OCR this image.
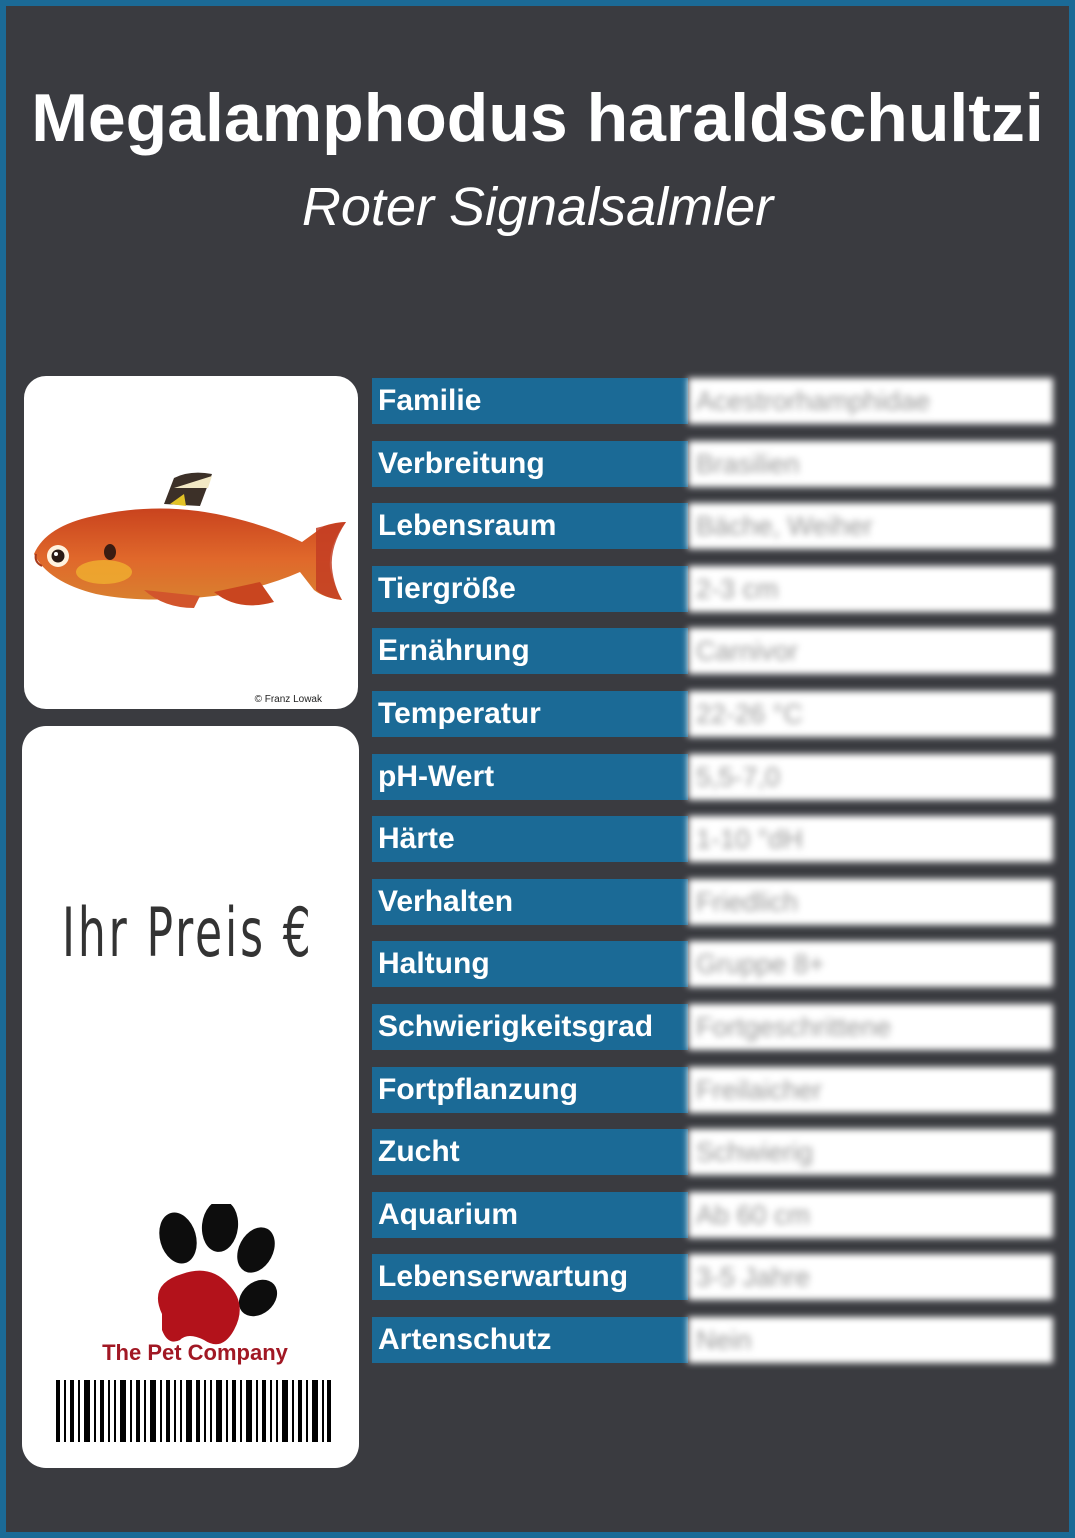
Megalamphodus haraldschultzi
Roter Signalsalmler
© Franz Lowak
Ihr Preis €
The Pet Company
Familie	Acestrorhamphidae
Verbreitung	Brasilien
Lebensraum	Bäche, Weiher
Tiergröße	2-3 cm
Ernährung	Carnivor
Temperatur	22-26 °C
pH-Wert	5,5-7,0
Härte	1-10 °dH
Verhalten	Friedlich
Haltung	Gruppe 8+
Schwierigkeitsgrad	Fortgeschrittene
Fortpflanzung	Freilaicher
Zucht	Schwierig
Aquarium	Ab 60 cm
Lebenserwartung	3-5 Jahre
Artenschutz	Nein
